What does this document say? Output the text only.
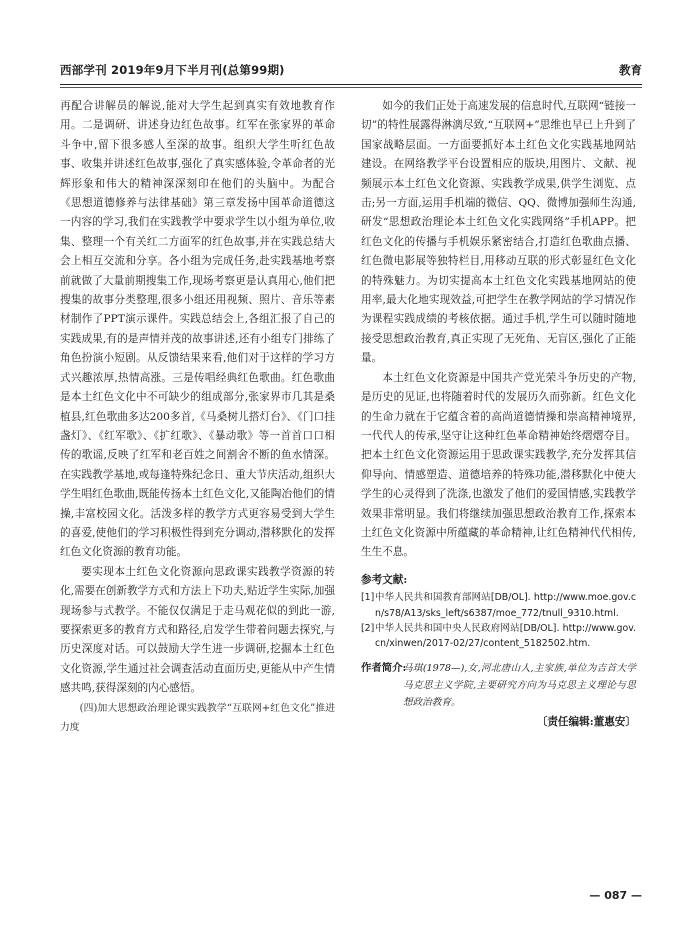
西部学刊 2019年9月下半月刊(总第99期)	教育

再配合讲解员的解说,能对大学生起到真实有效地教育作用。二是调研、讲述身边红色故事。红军在张家界的革命斗争中,留下很多感人至深的故事。组织大学生听红色故事、收集并讲述红色故事,强化了真实感体验,令革命者的光辉形象和伟大的精神深深刻印在他们的头脑中。为配合《思想道德修养与法律基础》第三章发扬中国革命道德这一内容的学习,我们在实践教学中要求学生以小组为单位,收集、整理一个有关红二方面军的红色故事,并在实践总结大会上相互交流和分享。各小组为完成任务,赴实践基地考察前就做了大量前期搜集工作,现场考察更是认真用心,他们把搜集的故事分类整理,很多小组还用视频、照片、音乐等素材制作了PPT演示课件。实践总结会上,各组汇报了自己的实践成果,有的是声情并茂的故事讲述,还有小组专门排练了角色扮演小短剧。从反馈结果来看,他们对于这样的学习方式兴趣浓厚,热情高涨。三是传唱经典红色歌曲。红色歌曲是本土红色文化中不可缺少的组成部分,张家界市几其是桑植县,红色歌曲多达200多首,《马桑树儿搭灯台》、《门口挂盏灯》、《红军歌》、《扩红歌》、《暴动歌》等一首首口口相传的歌谣,反映了红军和老百姓之间割舍不断的鱼水情深。在实践教学基地,或每逢特殊纪念日、重大节庆活动,组织大学生唱红色歌曲,既能传扬本土红色文化,又能陶冶他们的情操,丰富校园文化。活泼多样的教学方式更容易受到大学生的喜爱,使他们的学习积极性得到充分调动,潜移默化的发挥红色文化资源的教育功能。

要实现本土红色文化资源向思政课实践教学资源的转化,需要在创新教学方式和方法上下功夫,贴近学生实际,加强现场参与式教学。不能仅仅满足于走马观花似的到此一游,要探索更多的教育方式和路径,启发学生带着问题去探究,与历史深度对话。可以鼓励大学生进一步调研,挖掘本土红色文化资源,学生通过社会调查活动直面历史,更能从中产生情感共鸣,获得深刻的内心感悟。

(四)加大思想政治理论课实践教学“互联网+红色文化”推进力度

如今的我们正处于高速发展的信息时代,互联网“链接一切”的特性展露得淋漓尽致,“互联网+”思维也早已上升到了国家战略层面。一方面要抓好本土红色文化实践基地网站建设。在网络教学平台设置相应的版块,用图片、文献、视频展示本土红色文化资源、实践教学成果,供学生浏览、点击;另一方面,运用手机端的微信、QQ、微博加强师生沟通,研发“思想政治理论本土红色文化实践网络”手机APP。把红色文化的传播与手机娱乐紧密结合,打造红色歌曲点播、红色微电影展等独特栏目,用移动互联的形式彰显红色文化的特殊魅力。为切实提高本土红色文化实践基地网站的使用率,最大化地实现效益,可把学生在教学网站的学习情况作为课程实践成绩的考核依据。通过手机,学生可以随时随地接受思想政治教育,真正实现了无死角、无盲区,强化了正能量。

本土红色文化资源是中国共产党光荣斗争历史的产物,是历史的见证,也将随着时代的发展历久而弥新。红色文化的生命力就在于它蕴含着的高尚道德情操和崇高精神境界,一代代人的传承,坚守让这种红色革命精神始终熠熠夺目。把本土红色文化资源运用于思政课实践教学,充分发挥其信仰导向、情感塑造、道德培养的特殊功能,潜移默化中使大学生的心灵得到了洗涤,也激发了他们的爱国情感,实践教学效果非常明显。我们将继续加强思想政治教育工作,探索本土红色文化资源中所蕴藏的革命精神,让红色精神代代相传,生生不息。

参考文献:

[1] 中华人民共和国教育部网站[DB/OL]. http://www.moe.gov.cn/s78/A13/sks_left/s6387/moe_772/tnull_9310.html.

[2] 中华人民共和国中央人民政府网站[DB/OL]. http://www.gov.cn/xinwen/2017-02/27/content_5182502.htm.

作者简介:
马琪(1978—),女,河北唐山人,主家族,单位为吉首大学马克思主义学院,主要研究方向为马克思主义理论与思想政治教育。

〔责任编辑:董惠安〕

— 087 —
